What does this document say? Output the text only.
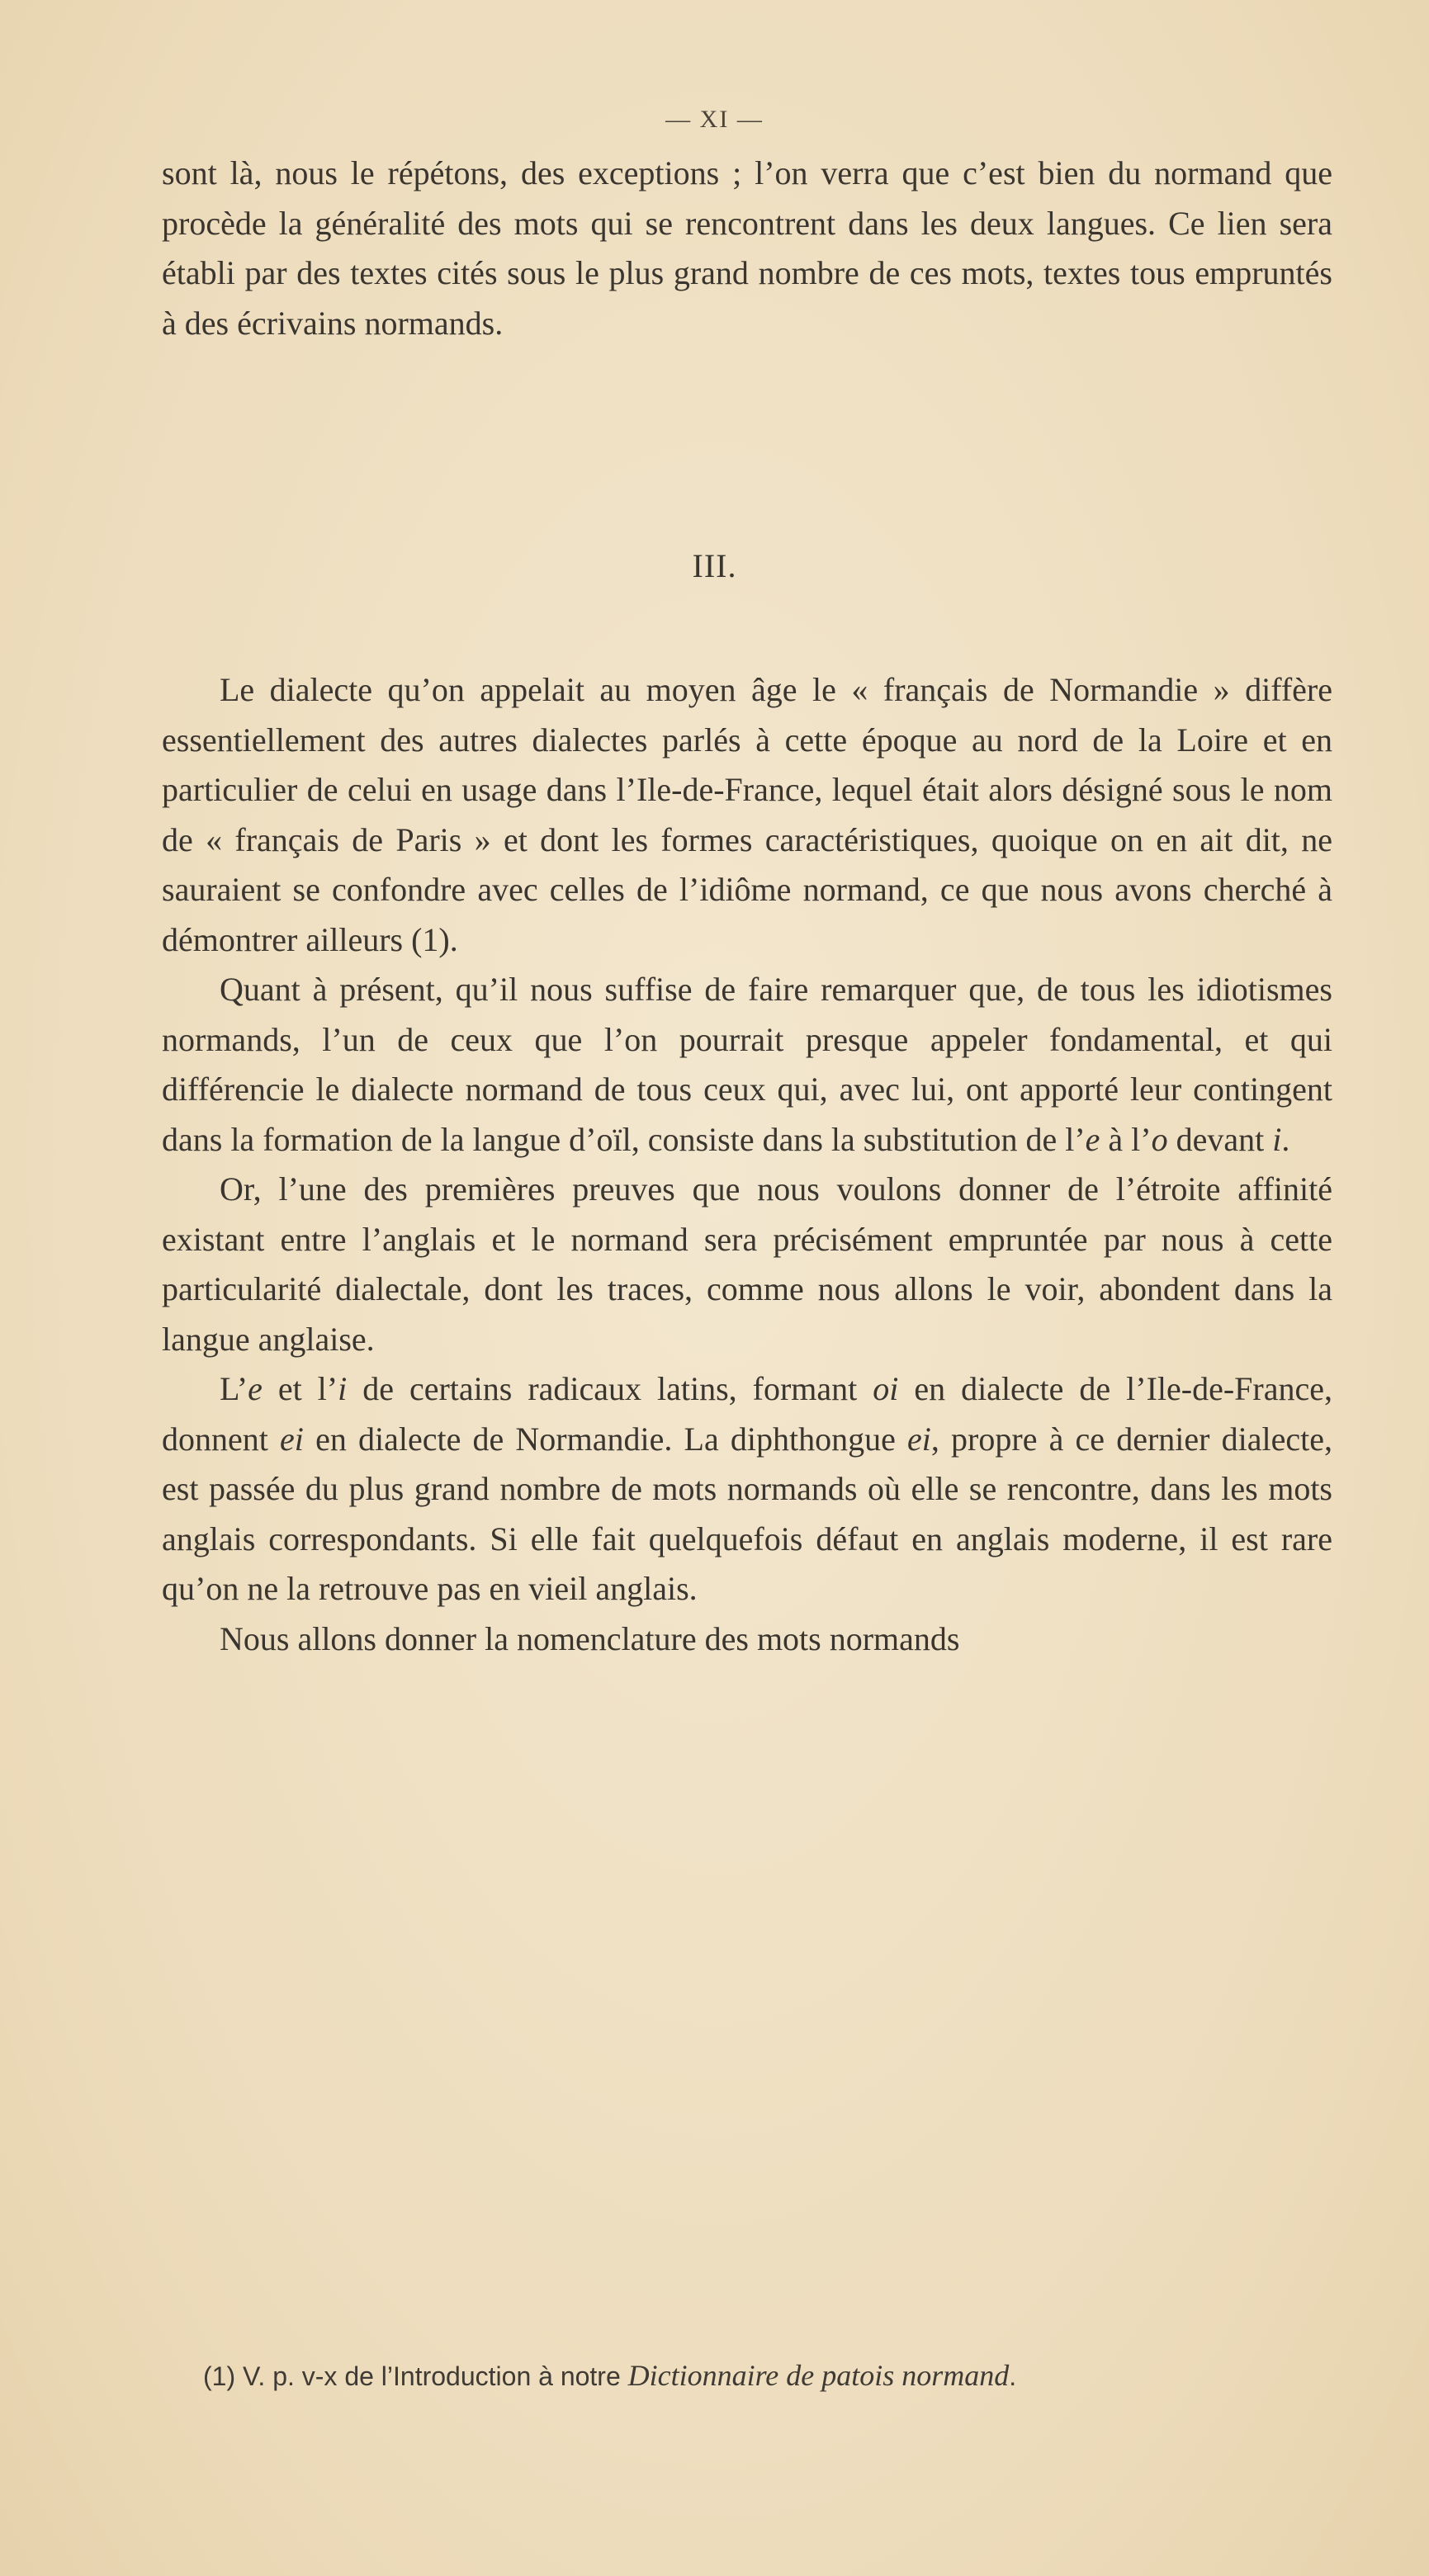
— XI —

sont là, nous le répétons, des exceptions ; l’on verra que c’est bien du normand que procède la généralité des mots qui se rencontrent dans les deux langues. Ce lien sera établi par des textes cités sous le plus grand nombre de ces mots, textes tous empruntés à des écrivains normands.

III.

Le dialecte qu’on appelait au moyen âge le « français de Normandie » diffère essentiellement des autres dialectes parlés à cette époque au nord de la Loire et en particulier de celui en usage dans l’Ile-de-France, lequel était alors désigné sous le nom de « français de Paris » et dont les formes caractéristiques, quoique on en ait dit, ne sauraient se confondre avec celles de l’idiôme normand, ce que nous avons cherché à démontrer ailleurs (1).

Quant à présent, qu’il nous suffise de faire remarquer que, de tous les idiotismes normands, l’un de ceux que l’on pourrait presque appeler fondamental, et qui différencie le dialecte normand de tous ceux qui, avec lui, ont apporté leur contingent dans la formation de la langue d’oïl, consiste dans la substitution de l’e à l’o devant i.

Or, l’une des premières preuves que nous voulons donner de l’étroite affinité existant entre l’anglais et le normand sera précisément empruntée par nous à cette particularité dialectale, dont les traces, comme nous allons le voir, abondent dans la langue anglaise.

L’e et l’i de certains radicaux latins, formant oi en dialecte de l’Ile-de-France, donnent ei en dialecte de Normandie. La diphthongue ei, propre à ce dernier dialecte, est passée du plus grand nombre de mots normands où elle se rencontre, dans les mots anglais correspondants. Si elle fait quelquefois défaut en anglais moderne, il est rare qu’on ne la retrouve pas en vieil anglais.

Nous allons donner la nomenclature des mots normands

(1) V. p. v-x de l’Introduction à notre Dictionnaire de patois normand.
